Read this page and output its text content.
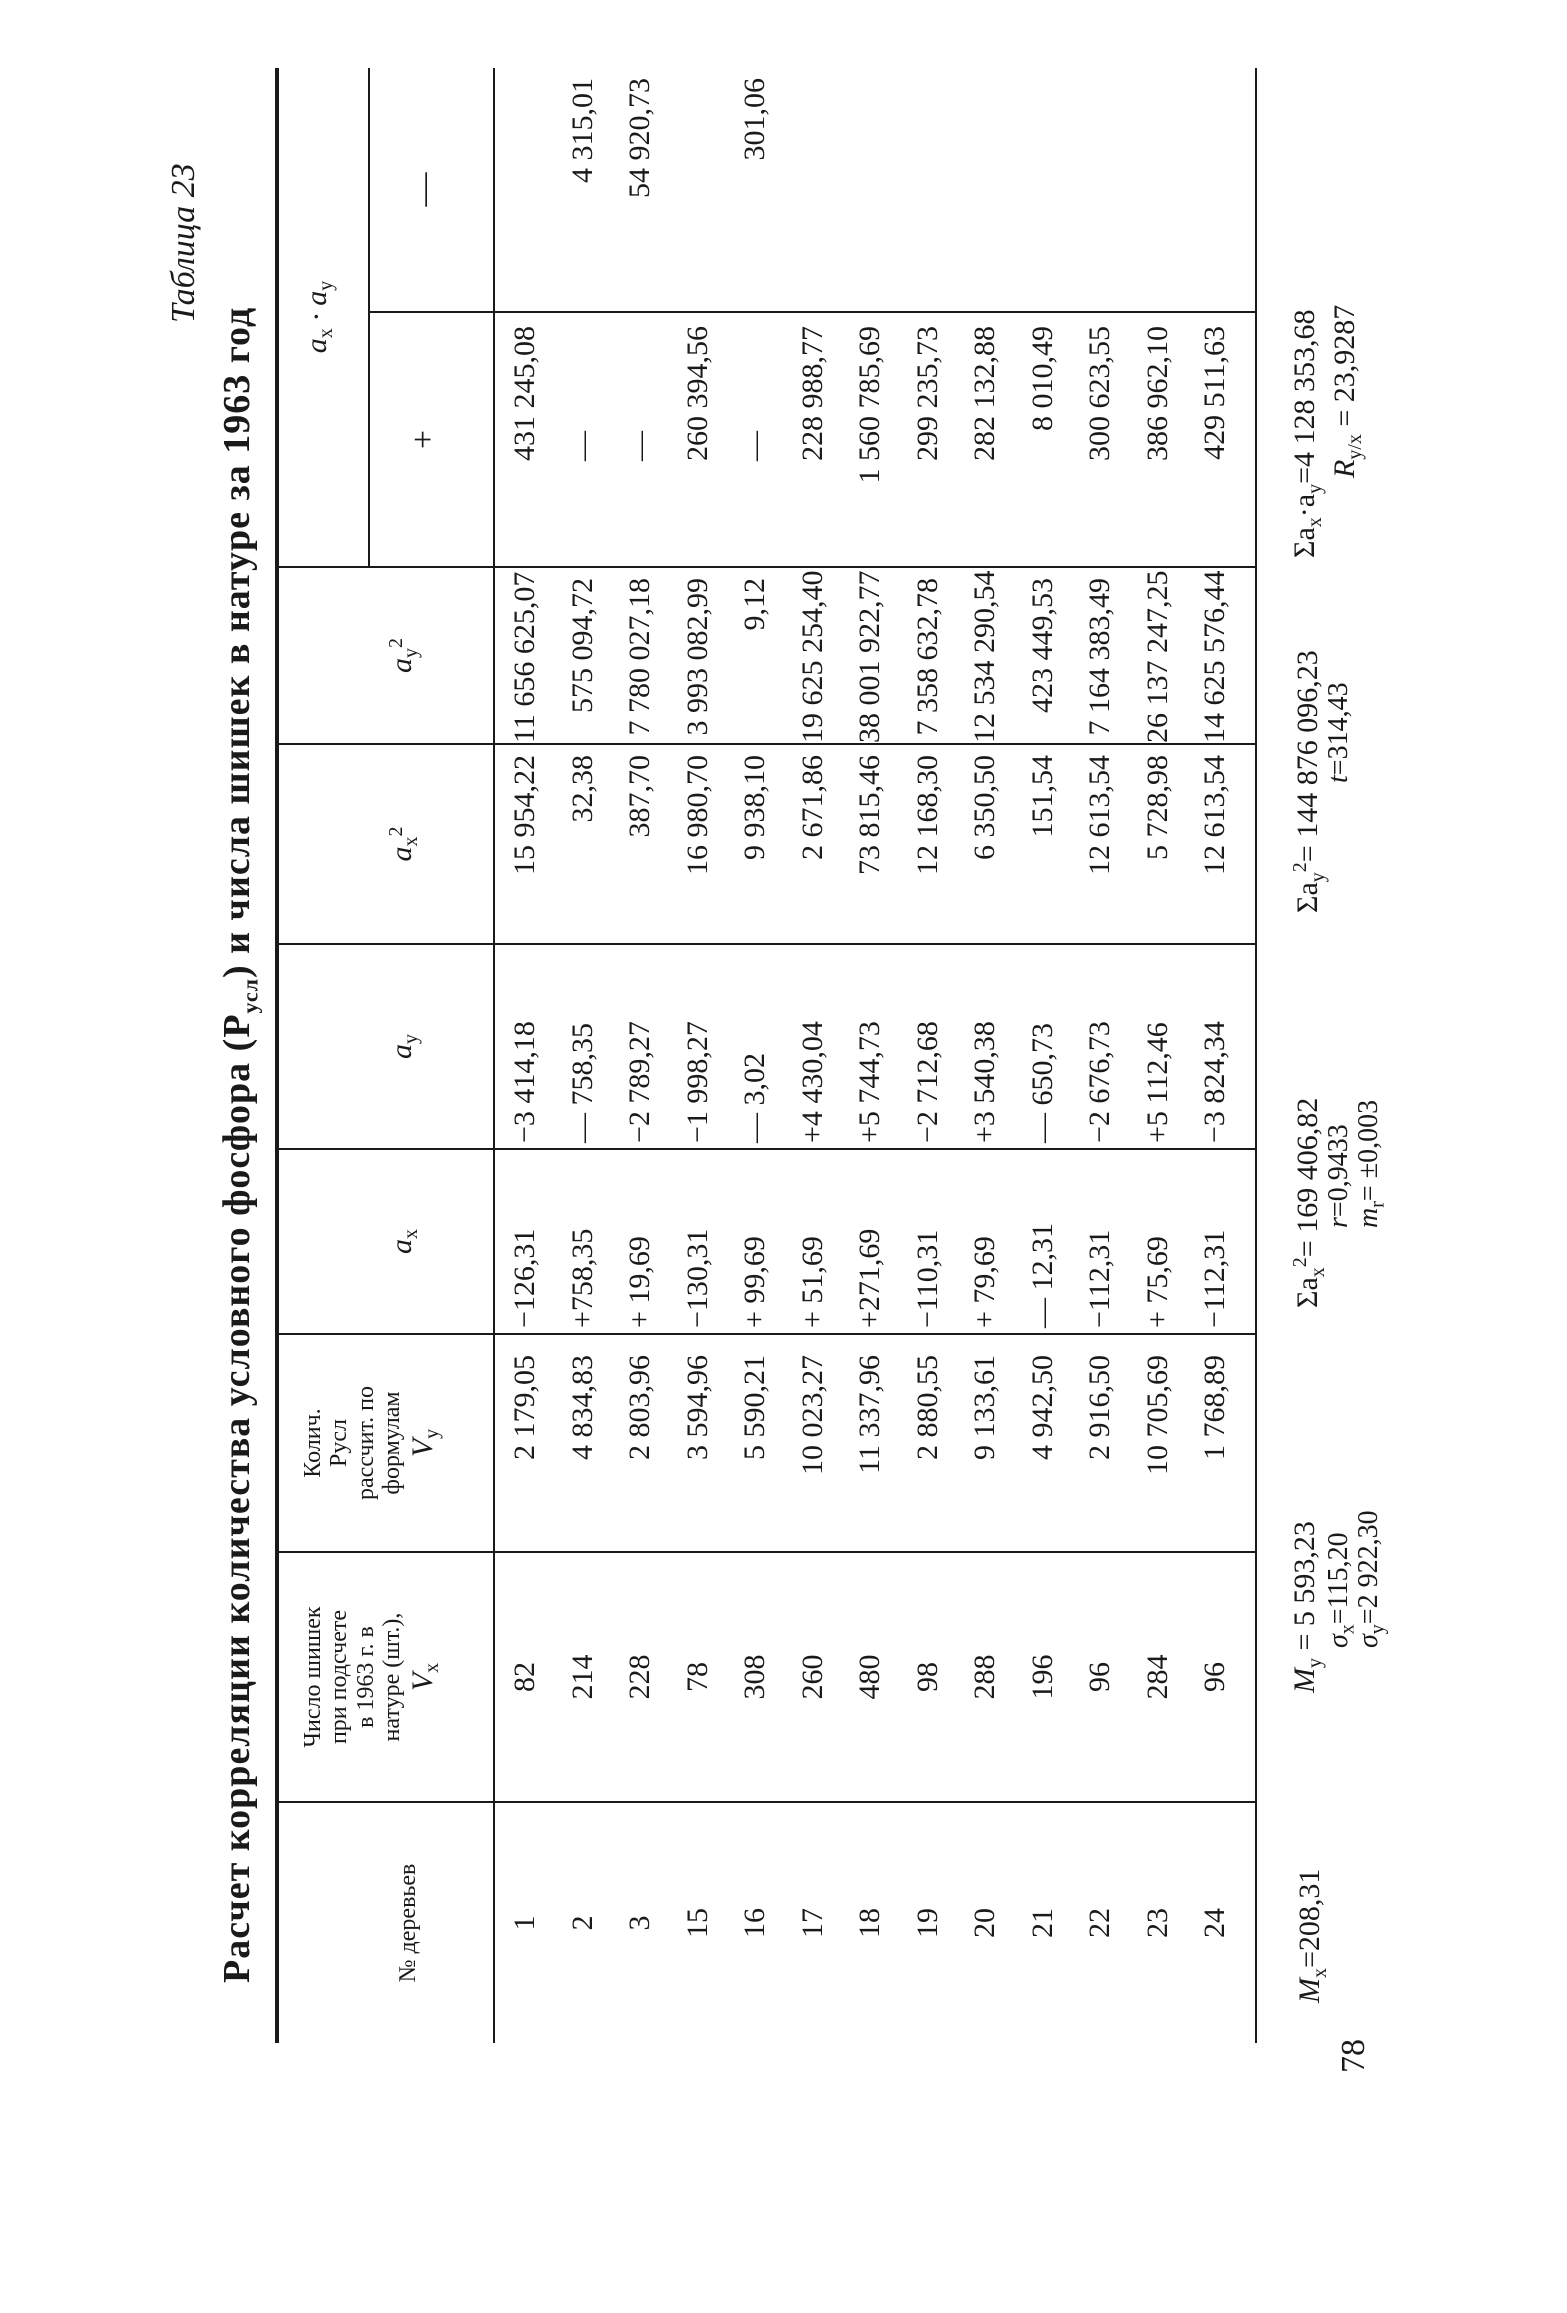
78
Таблица 23
Расчет корреляции количества условного фосфора $(P_{усл})$ и числа шишек в натуре за 1963 год
№ деревьев
Число шишек при подсчете в 1963 г. в натуре (шт.), $V_x$
Колич. Pусл рассчит. по формулам $V_y$
$a_x$
$a_y$
$a_x^2$
$a_y^2$
$a_x \cdot a_y$
+
—
1
82
2 179,05
−126,31
−3 414,18
15 954,22
11 656 625,07
431 245,08
2
214
4 834,83
+758,35
— 758,35
32,38
575 094,72
—
4 315,01
3
228
2 803,96
+ 19,69
−2 789,27
387,70
7 780 027,18
—
54 920,73
15
78
3 594,96
−130,31
−1 998,27
16 980,70
3 993 082,99
260 394,56
16
308
5 590,21
+ 99,69
— 3,02
9 938,10
9,12
—
301,06
17
260
10 023,27
+ 51,69
+4 430,04
2 671,86
19 625 254,40
228 988,77
18
480
11 337,96
+271,69
+5 744,73
73 815,46
38 001 922,77
1 560 785,69
19
98
2 880,55
−110,31
−2 712,68
12 168,30
7 358 632,78
299 235,73
20
288
9 133,61
+ 79,69
+3 540,38
6 350,50
12 534 290,54
282 132,88
21
196
4 942,50
— 12,31
— 650,73
151,54
423 449,53
8 010,49
22
96
2 916,50
−112,31
−2 676,73
12 613,54
7 164 383,49
300 623,55
23
284
10 705,69
+ 75,69
+5 112,46
5 728,98
26 137 247,25
386 962,10
24
96
1 768,89
−112,31
−3 824,34
12 613,54
14 625 576,44
429 511,63
$M_x=208,31$
$M_y = 5$ 593,23 $\sigma_x=115,20$
$\sigma_y=2$ 922,30
$\Sigma a_x^2= 169$ 406,82 r=0,9433
$m_r= \pm 0,003$
$\Sigma a_y^2= 144$ 876 096,23 t=314,43
$\Sigma a_x\cdot a_y=4$ 128 353,68 $R_{y/x} = 23,9287$
